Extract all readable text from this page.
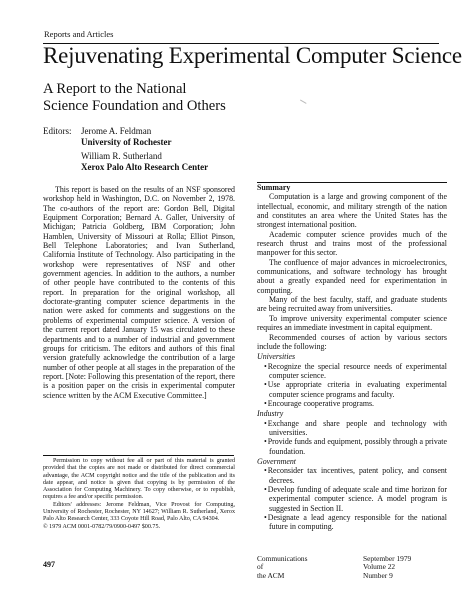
Reports and Articles
Rejuvenating Experimental Computer Science
A Report to the National
Science Foundation and Others
Editors: Jerome A. Feldman
University of Rochester
William R. Sutherland
Xerox Palo Alto Research Center

This report is based on the results of an NSF sponsored workshop held in Washington, D.C. on November 2, 1978. The co-authors of the report are: Gordon Bell, Digital Equipment Corporation; Bernard A. Galler, University of Michigan; Patricia Goldberg, IBM Corporation; John Hamblen, University of Missouri at Rolla; Elliot Pinson, Bell Telephone Laboratories; and Ivan Sutherland, California Institute of Technology. Also participating in the workshop were representatives of NSF and other government agencies. In addition to the authors, a number of other people have contributed to the contents of this report. In preparation for the original workshop, all doctorate-granting computer science departments in the nation were asked for comments and suggestions on the problems of experimental computer science. A version of the current report dated January 15 was circulated to these departments and to a number of industrial and government groups for criticism. The editors and authors of this final version gratefully acknowledge the contribution of a large number of other people at all stages in the preparation of the report. [Note: Following this presentation of the report, there is a position paper on the crisis in experimental computer science written by the ACM Executive Committee.]

Permission to copy without fee all or part of this material is granted provided that the copies are not made or distributed for direct commercial advantage, the ACM copyright notice and the title of the publication and its date appear, and notice is given that copying is by permission of the Association for Computing Machinery. To copy otherwise, or to republish, requires a fee and/or specific permission.

Editors' addresses: Jerome Feldman, Vice Provost for Computing, University of Rochester, Rochester, NY 14627; William R. Sutherland, Xerox Palo Alto Research Center, 333 Coyote Hill Road, Palo Alto, CA 94304.

© 1979 ACM 0001-0782/79/0900-0497 $00.75.

Summary

Computation is a large and growing component of the intellectual, economic, and military strength of the nation and constitutes an area where the United States has the strongest international position.

Academic computer science provides much of the research thrust and trains most of the professional manpower for this sector.

The confluence of major advances in microelectronics, communications, and software technology has brought about a greatly expanded need for experimentation in computing.

Many of the best faculty, staff, and graduate students are being recruited away from universities.

To improve university experimental computer science requires an immediate investment in capital equipment.

Recommended courses of action by various sectors include the following:

Universities

• Recognize the special resource needs of experimental computer science.
• Use appropriate criteria in evaluating experimental computer science programs and faculty.
• Encourage cooperative programs.

Industry

• Exchange and share people and technology with universities.
• Provide funds and equipment, possibly through a private foundation.

Government

• Reconsider tax incentives, patent policy, and consent decrees.
• Develop funding of adequate scale and time horizon for experimental computer science. A model program is suggested in Section II.
• Designate a lead agency responsible for the national future in computing.
497
Communications
of
the ACM
September 1979
Volume 22
Number 9
